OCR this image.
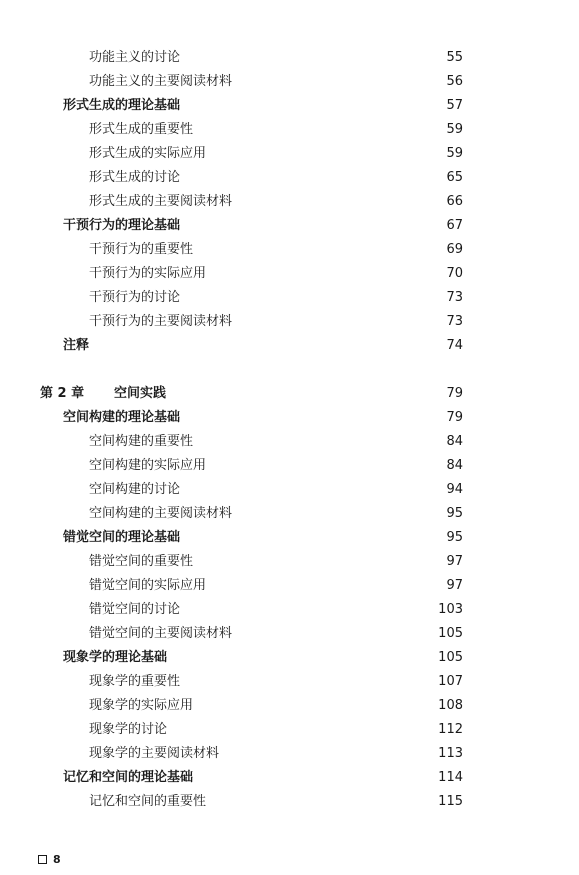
功能主义的讨论	55
功能主义的主要阅读材料	56
形式生成的理论基础	57
形式生成的重要性	59
形式生成的实际应用	59
形式生成的讨论	65
形式生成的主要阅读材料	66
干预行为的理论基础	67
干预行为的重要性	69
干预行为的实际应用	70
干预行为的讨论	73
干预行为的主要阅读材料	73
注释	74
第 2 章 空间实践	79
空间构建的理论基础	79
空间构建的重要性	84
空间构建的实际应用	84
空间构建的讨论	94
空间构建的主要阅读材料	95
错觉空间的理论基础	95
错觉空间的重要性	97
错觉空间的实际应用	97
错觉空间的讨论	103
错觉空间的主要阅读材料	105
现象学的理论基础	105
现象学的重要性	107
现象学的实际应用	108
现象学的讨论	112
现象学的主要阅读材料	113
记忆和空间的理论基础	114
记忆和空间的重要性	115
8
